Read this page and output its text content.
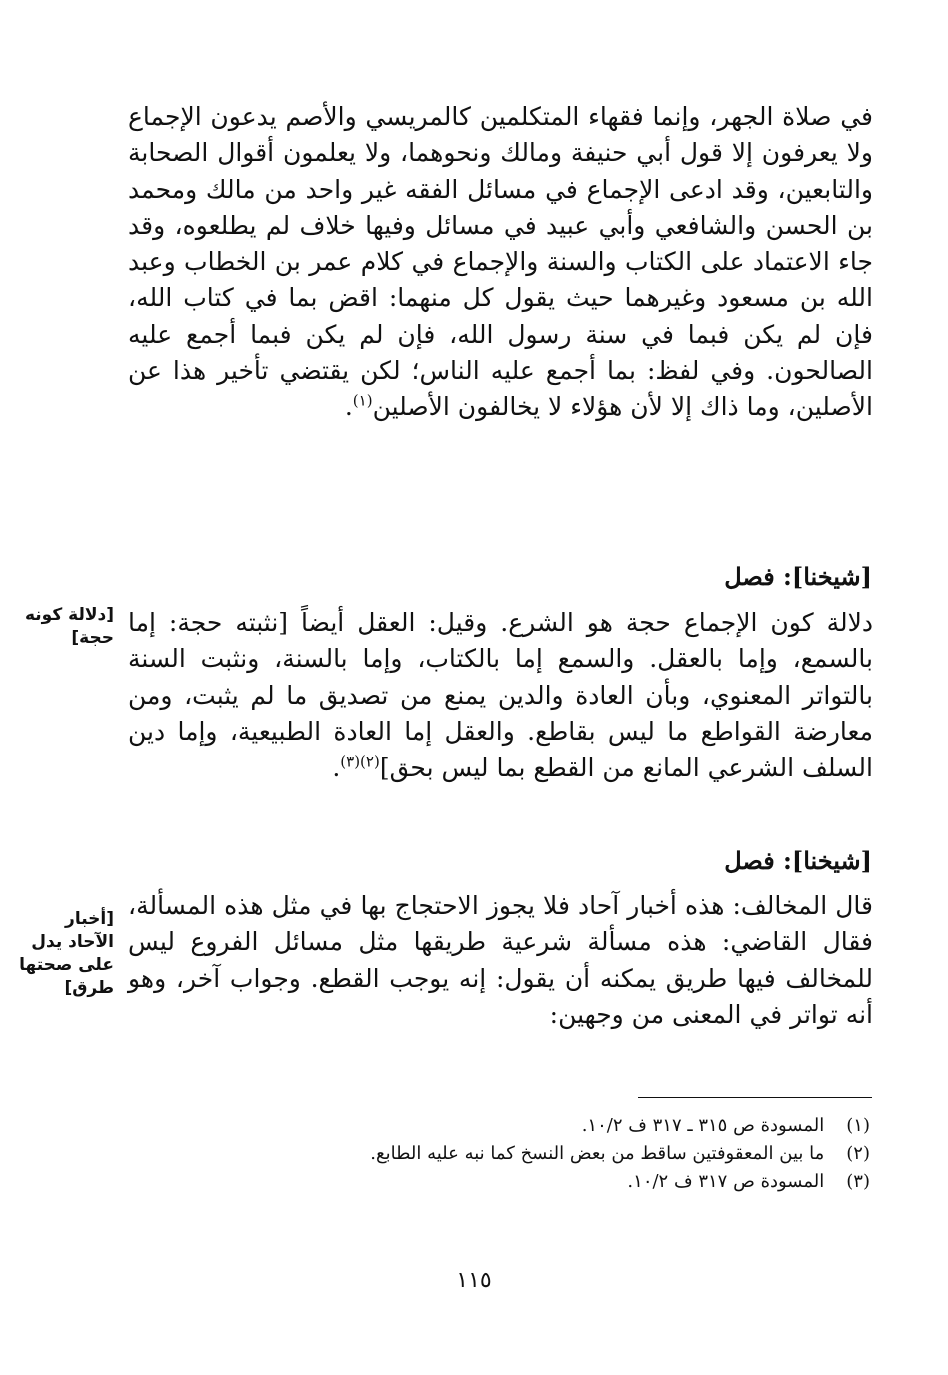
في صلاة الجهر، وإنما فقهاء المتكلمين كالمريسي والأصم يدعون الإجماع ولا يعرفون إلا قول أبي حنيفة ومالك ونحوهما، ولا يعلمون أقوال الصحابة والتابعين، وقد ادعى الإجماع في مسائل الفقه غير واحد من مالك ومحمد بن الحسن والشافعي وأبي عبيد في مسائل وفيها خلاف لم يطلعوه، وقد جاء الاعتماد على الكتاب والسنة والإجماع في كلام عمر بن الخطاب وعبد الله بن مسعود وغيرهما حيث يقول كل منهما: اقض بما في كتاب الله، فإن لم يكن فبما في سنة رسول الله، فإن لم يكن فبما أجمع عليه الصالحون. وفي لفظ: بما أجمع عليه الناس؛ لكن يقتضي تأخير هذا عن الأصلين، وما ذاك إلا لأن هؤلاء لا يخالفون الأصلين$^{(١)}$.
[شيخنا]: فصل
دلالة كون الإجماع حجة هو الشرع. وقيل: العقل أيضاً [نثبته حجة: إما بالسمع، وإما بالعقل. والسمع إما بالكتاب، وإما بالسنة، ونثبت السنة بالتواتر المعنوي، وبأن العادة والدين يمنع من تصديق ما لم يثبت، ومن معارضة القواطع ما ليس بقاطع. والعقل إما العادة الطبيعية، وإما دين السلف الشرعي المانع من القطع بما ليس بحق]$^{(٢)(٣)}$.
[دلالة كونه حجة]
[شيخنا]: فصل
قال المخالف: هذه أخبار آحاد فلا يجوز الاحتجاج بها في مثل هذه المسألة، فقال القاضي: هذه مسألة شرعية طريقها مثل مسائل الفروع ليس للمخالف فيها طريق يمكنه أن يقول: إنه يوجب القطع. وجواب آخر، وهو أنه تواتر في المعنى من وجهين:
[أخبار الآحاد يدل على صحتها طرق]
(١) المسودة ص ٣١٥ ـ ٣١٧ ف ١٠/٢.
(٢) ما بين المعقوفتين ساقط من بعض النسخ كما نبه عليه الطابع.
(٣) المسودة ص ٣١٧ ف ١٠/٢.
١١٥
